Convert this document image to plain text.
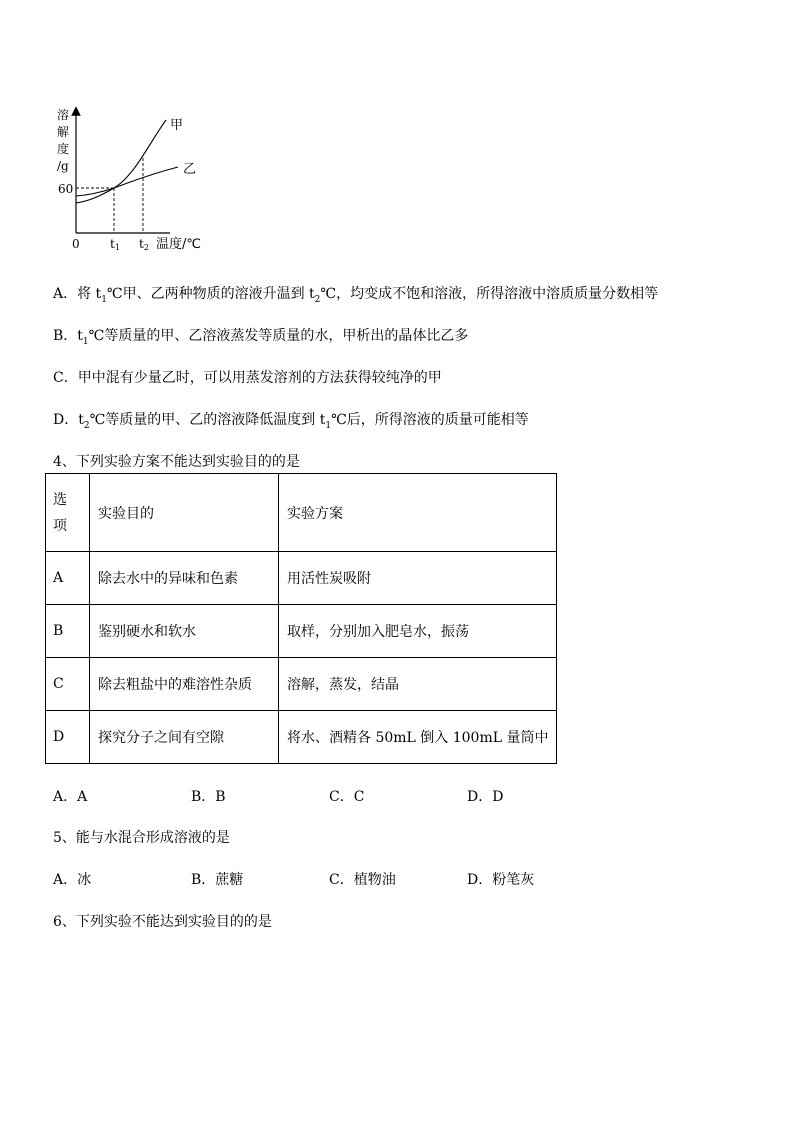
溶
解
度
/g
60
甲
乙
0	t1 t2 温度/℃
A．将 $t_1℃$甲、乙两种物质的溶液升温到 $t_2℃$，均变成不饱和溶液，所得溶液中溶质质量分数相等
B．$t_1℃$等质量的甲、乙溶液蒸发等质量的水，甲析出的晶体比乙多
C．甲中混有少量乙时，可以用蒸发溶剂的方法获得较纯净的甲
D．$t_2℃$等质量的甲、乙的溶液降低温度到 $t_1℃$后，所得溶液的质量可能相等
4、下列实验方案不能达到实验目的的是
选
项	实验目的	实验方案
A	除去水中的异味和色素	用活性炭吸附
B	鉴别硬水和软水	取样，分别加入肥皂水，振荡
C	除去粗盐中的难溶性杂质	溶解，蒸发，结晶
D	探究分子之间有空隙	将水、酒精各 50mL 倒入 100mL 量筒中
A．A	B．B	C．C	D．D
5、能与水混合形成溶液的是
A．冰	B．蔗糖	C．植物油	D．粉笔灰
6、下列实验不能达到实验目的的是
